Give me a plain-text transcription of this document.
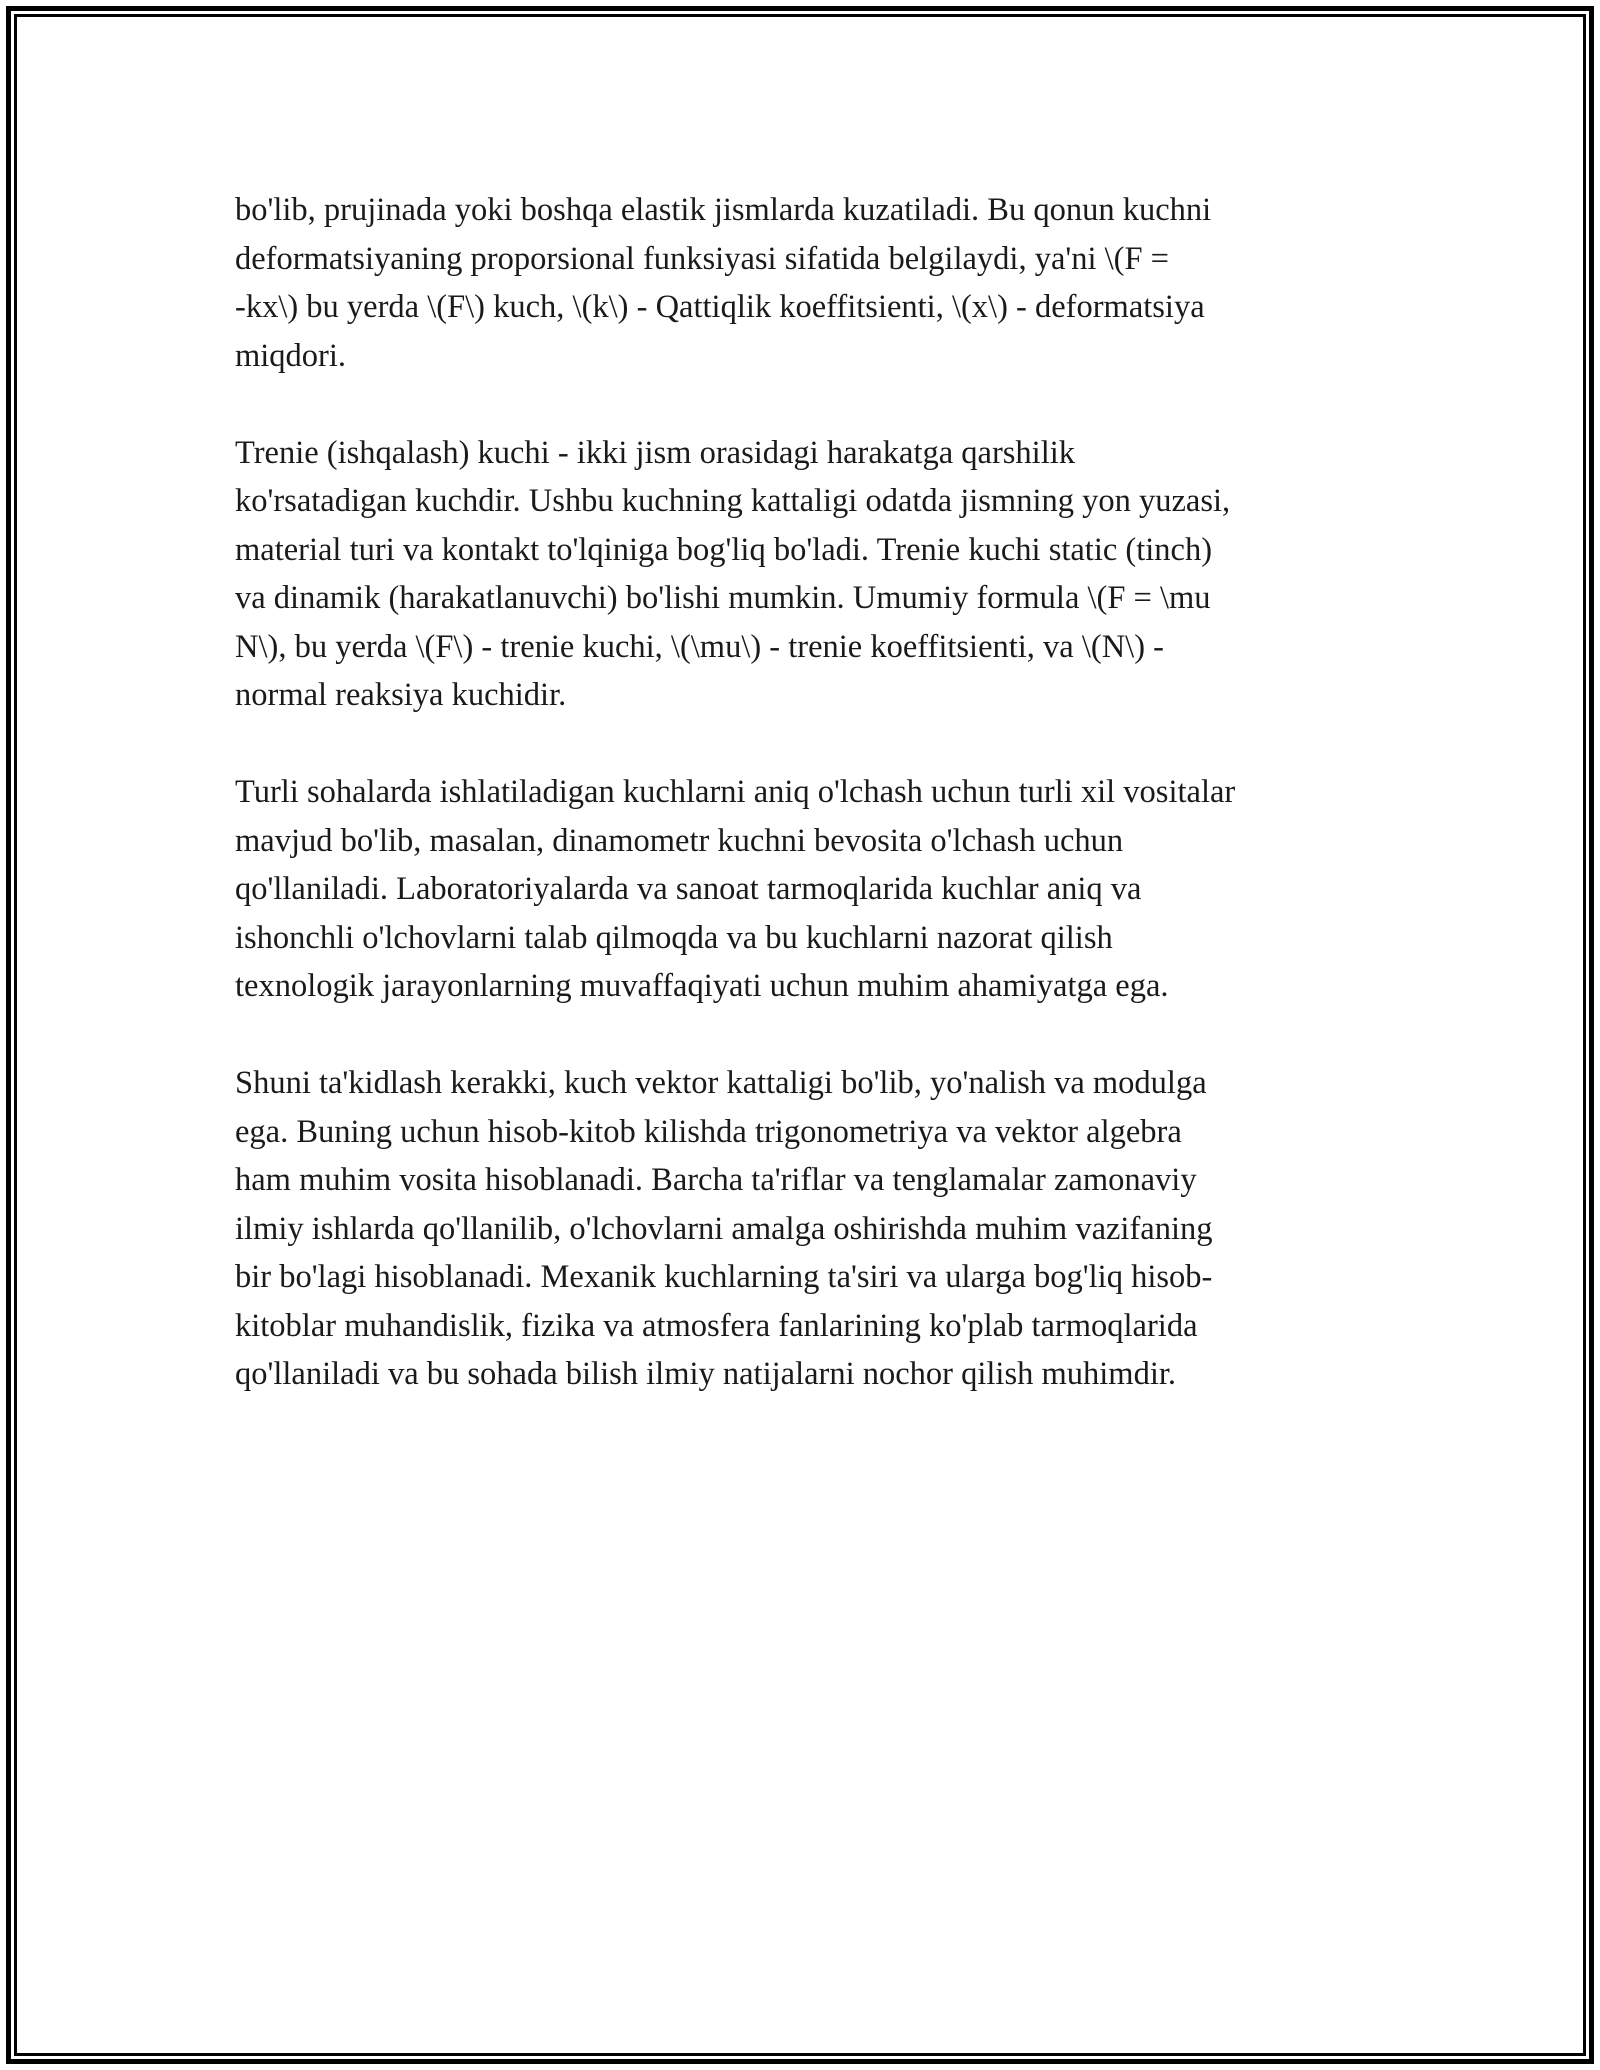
bo'lib, prujinada yoki boshqa elastik jismlarda kuzatiladi. Bu qonun kuchni
deformatsiyaning proporsional funksiyasi sifatida belgilaydi, ya'ni \(F =
-kx\) bu yerda \(F\) kuch, \(k\) - Qattiqlik koeffitsienti, \(x\) - deformatsiya
miqdori.

Trenie (ishqalash) kuchi - ikki jism orasidagi harakatga qarshilik
ko'rsatadigan kuchdir. Ushbu kuchning kattaligi odatda jismning yon yuzasi,
material turi va kontakt to'lqiniga bog'liq bo'ladi. Trenie kuchi static (tinch)
va dinamik (harakatlanuvchi) bo'lishi mumkin. Umumiy formula \(F = \mu
N\), bu yerda \(F\) - trenie kuchi, \(\mu\) - trenie koeffitsienti, va \(N\) -
normal reaksiya kuchidir.

Turli sohalarda ishlatiladigan kuchlarni aniq o'lchash uchun turli xil vositalar
mavjud bo'lib, masalan, dinamometr kuchni bevosita o'lchash uchun
qo'llaniladi. Laboratoriyalarda va sanoat tarmoqlarida kuchlar aniq va
ishonchli o'lchovlarni talab qilmoqda va bu kuchlarni nazorat qilish
texnologik jarayonlarning muvaffaqiyati uchun muhim ahamiyatga ega.

Shuni ta'kidlash kerakki, kuch vektor kattaligi bo'lib, yo'nalish va modulga
ega. Buning uchun hisob-kitob kilishda trigonometriya va vektor algebra
ham muhim vosita hisoblanadi. Barcha ta'riflar va tenglamalar zamonaviy
ilmiy ishlarda qo'llanilib, o'lchovlarni amalga oshirishda muhim vazifaning
bir bo'lagi hisoblanadi. Mexanik kuchlarning ta'siri va ularga bog'liq hisob-
kitoblar muhandislik, fizika va atmosfera fanlarining ko'plab tarmoqlarida
qo'llaniladi va bu sohada bilish ilmiy natijalarni nochor qilish muhimdir.
